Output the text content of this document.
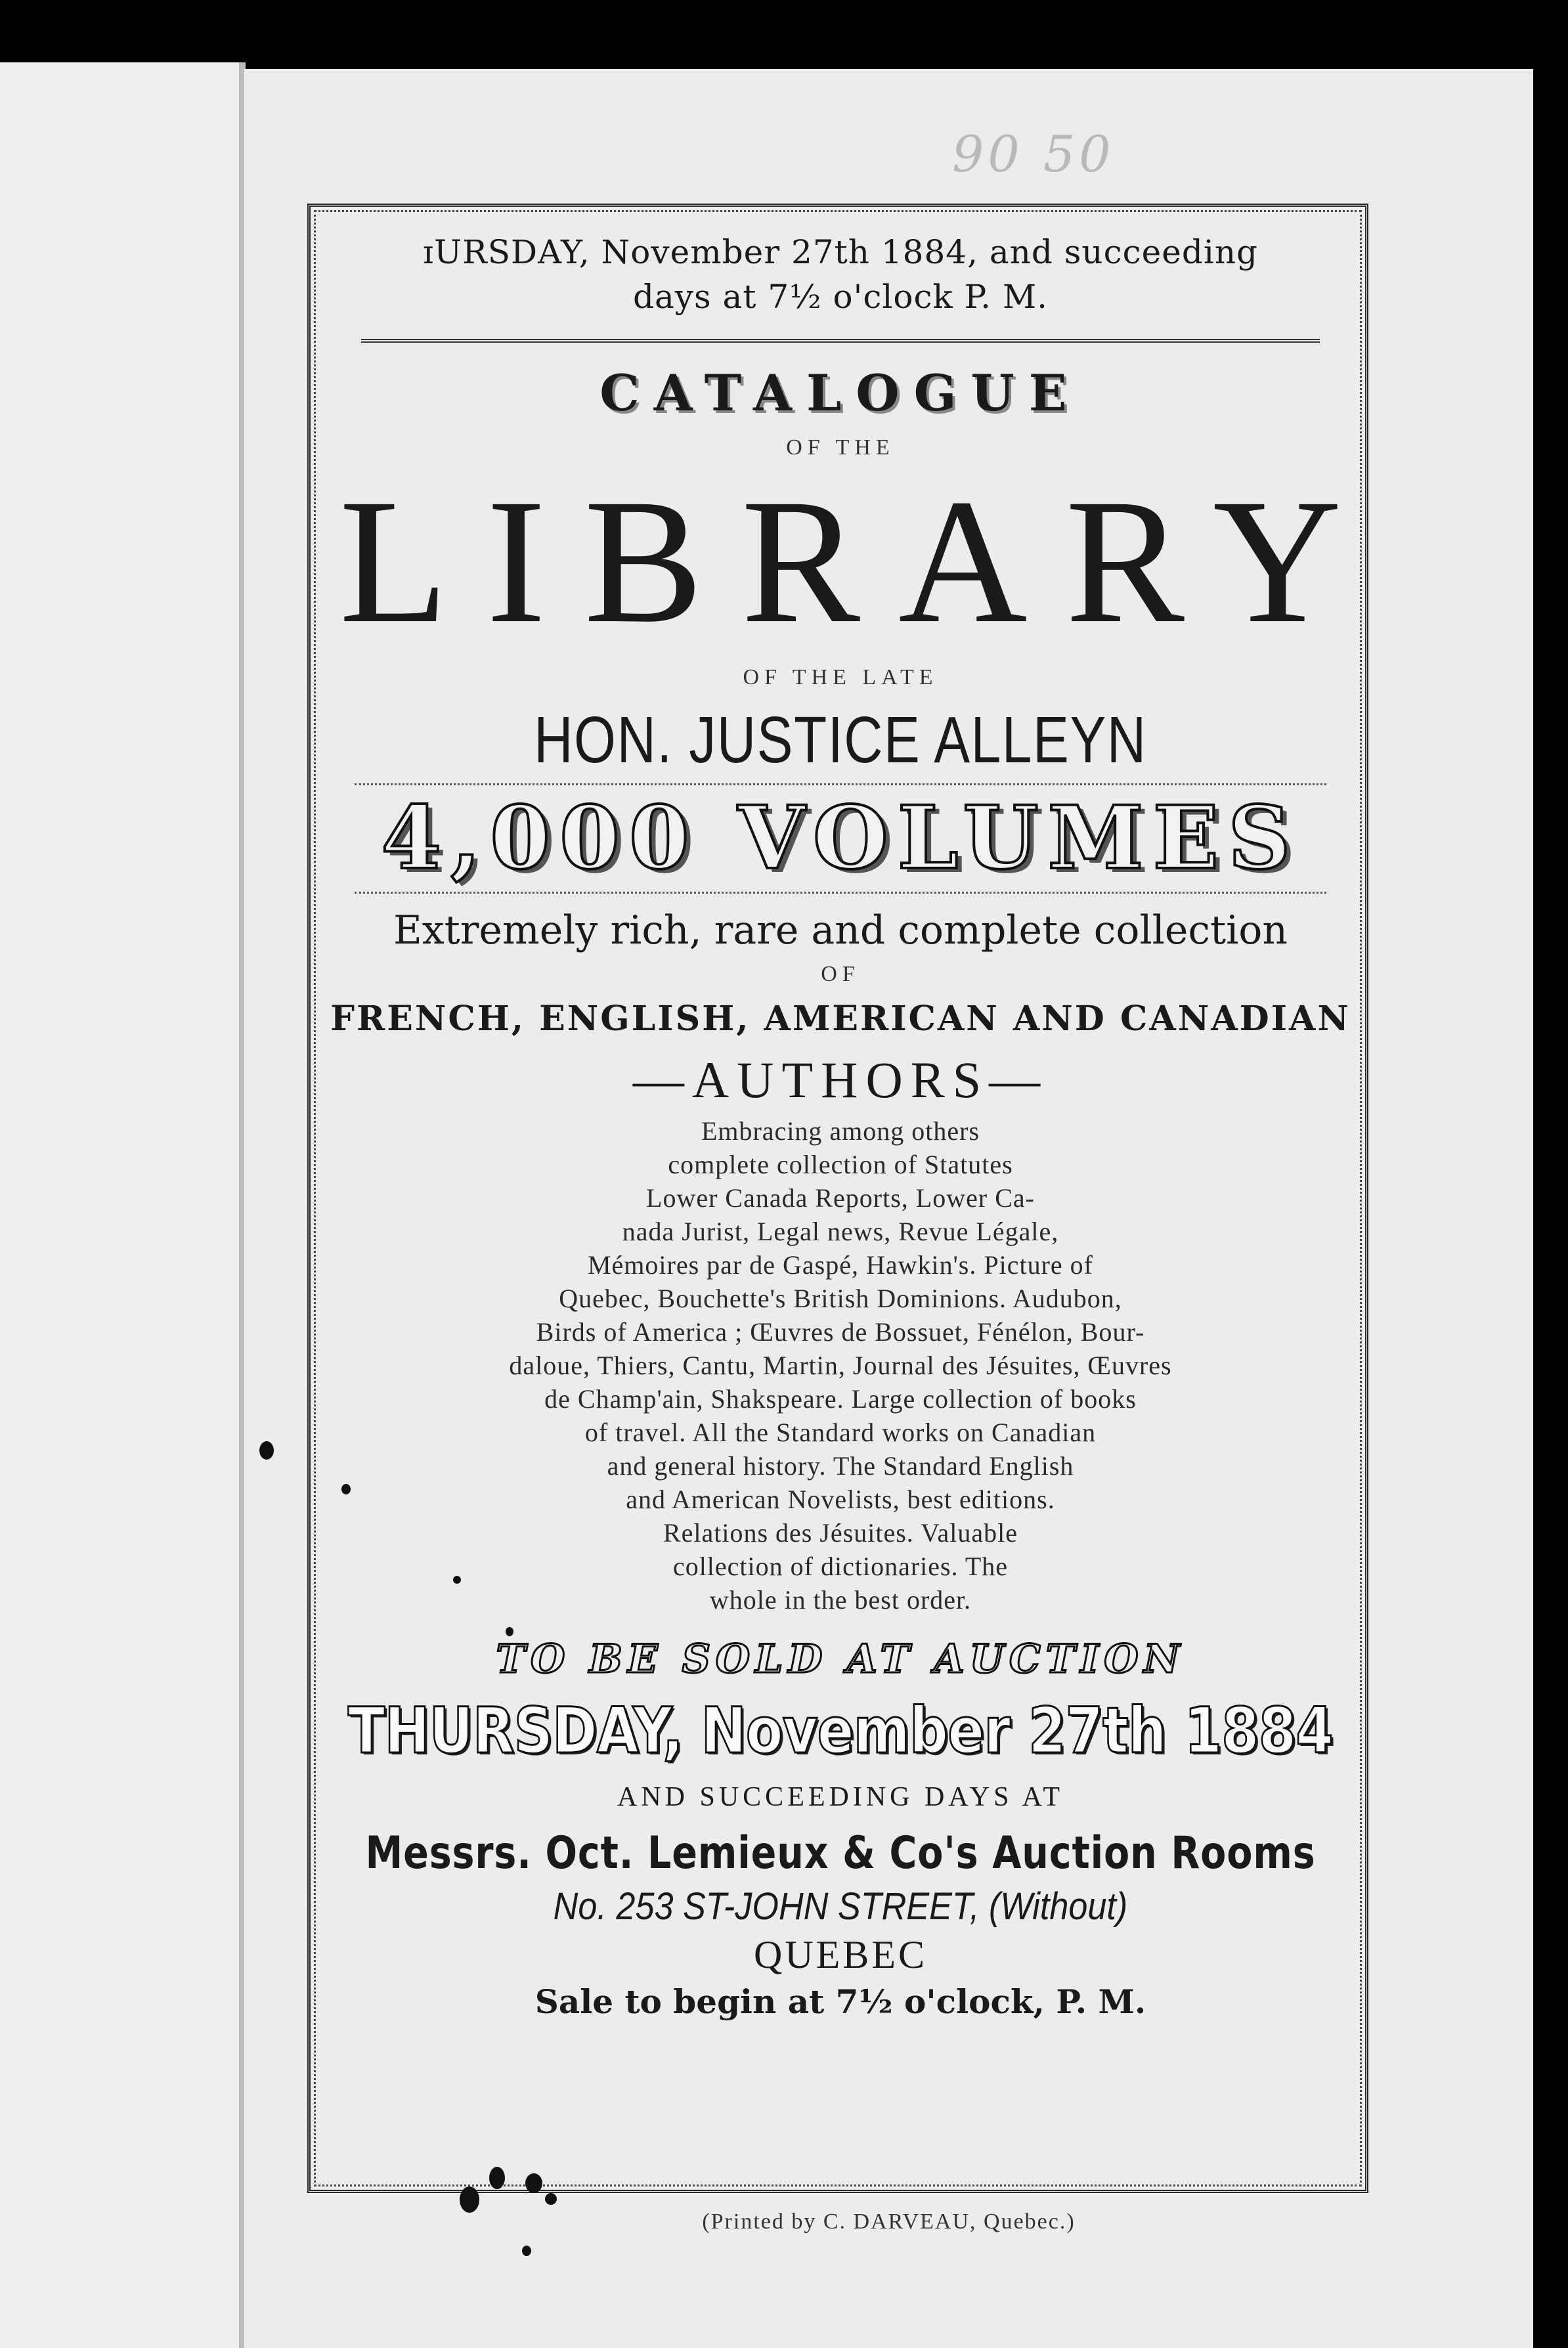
90 50
ɪURSDAY, November 27th 1884, and succeeding
days at 7½ o'clock P. M.
CATALOGUE
OF THE
LIBRARY
OF THE LATE
HON. JUSTICE ALLEYN
4,000 VOLUMES
Extremely rich, rare and complete collection
OF
FRENCH, ENGLISH, AMERICAN AND CANADIAN
—AUTHORS—
Embracing among others
complete collection of Statutes
Lower Canada Reports, Lower Ca-
nada Jurist, Legal news, Revue Légale,
Mémoires par de Gaspé, Hawkin's. Picture of
Quebec, Bouchette's British Dominions. Audubon,
Birds of America ; Œuvres de Bossuet, Fénélon, Bour-
daloue, Thiers, Cantu, Martin, Journal des Jésuites, Œuvres
de Champ'ain, Shakspeare. Large collection of books
of travel. All the Standard works on Canadian
and general history. The Standard English
and American Novelists, best editions.
Relations des Jésuites. Valuable
collection of dictionaries. The
whole in the best order.
TO BE SOLD AT AUCTION
THURSDAY, November 27th 1884
AND SUCCEEDING DAYS AT
Messrs. Oct. Lemieux & Co's Auction Rooms
No. 253 ST-JOHN STREET, (Without)
QUEBEC
Sale to begin at 7½ o'clock, P. M.
(Printed by C. DARVEAU, Quebec.)
